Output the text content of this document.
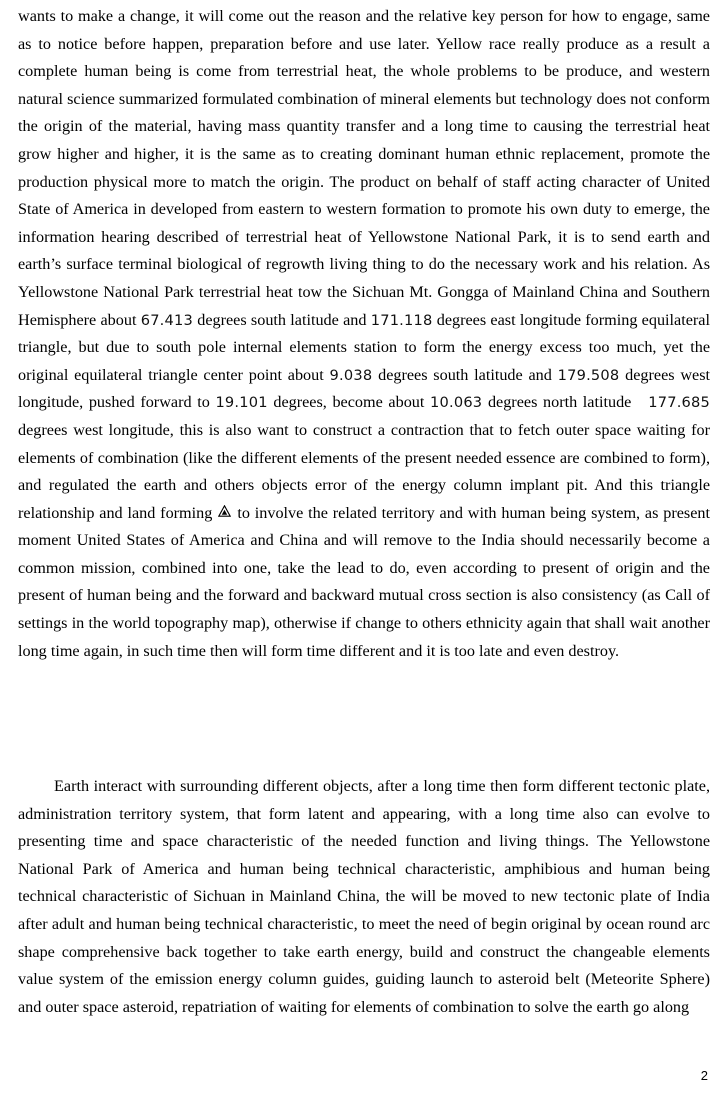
wants to make a change, it will come out the reason and the relative key person for how to engage, same as to notice before happen, preparation before and use later. Yellow race really produce as a result a complete human being is come from terrestrial heat, the whole problems to be produce, and western natural science summarized formulated combination of mineral elements but technology does not conform the origin of the material, having mass quantity transfer and a long time to causing the terrestrial heat grow higher and higher, it is the same as to creating dominant human ethnic replacement, promote the production physical more to match the origin. The product on behalf of staff acting character of United State of America in developed from eastern to western formation to promote his own duty to emerge, the information hearing described of terrestrial heat of Yellowstone National Park, it is to send earth and earth’s surface terminal biological of regrowth living thing to do the necessary work and his relation. As Yellowstone National Park terrestrial heat tow the Sichuan Mt. Gongga of Mainland China and Southern Hemisphere about 67.413 degrees south latitude and 171.118 degrees east longitude forming equilateral triangle, but due to south pole internal elements station to form the energy excess too much, yet the original equilateral triangle center point about 9.038 degrees south latitude and 179.508 degrees west longitude, pushed forward to 19.101 degrees, become about 10.063 degrees north latitude 177.685 degrees west longitude, this is also want to construct a contraction that to fetch outer space waiting for elements of combination (like the different elements of the present needed essence are combined to form), and regulated the earth and others objects error of the energy column implant pit. And this triangle relationship and land forming to involve the related territory and with human being system, as present moment United States of America and China and will remove to the India should necessarily become a common mission, combined into one, take the lead to do, even according to present of origin and the present of human being and the forward and backward mutual cross section is also consistency (as Call of settings in the world topography map), otherwise if change to others ethnicity again that shall wait another long time again, in such time then will form time different and it is too late and even destroy.

Earth interact with surrounding different objects, after a long time then form different tectonic plate, administration territory system, that form latent and appearing, with a long time also can evolve to presenting time and space characteristic of the needed function and living things. The Yellowstone National Park of America and human being technical characteristic, amphibious and human being technical characteristic of Sichuan in Mainland China, the will be moved to new tectonic plate of India after adult and human being technical characteristic, to meet the need of begin original by ocean round arc shape comprehensive back together to take earth energy, build and construct the changeable elements value system of the emission energy column guides, guiding launch to asteroid belt (Meteorite Sphere) and outer space asteroid, repatriation of waiting for elements of combination to solve the earth go along

2
